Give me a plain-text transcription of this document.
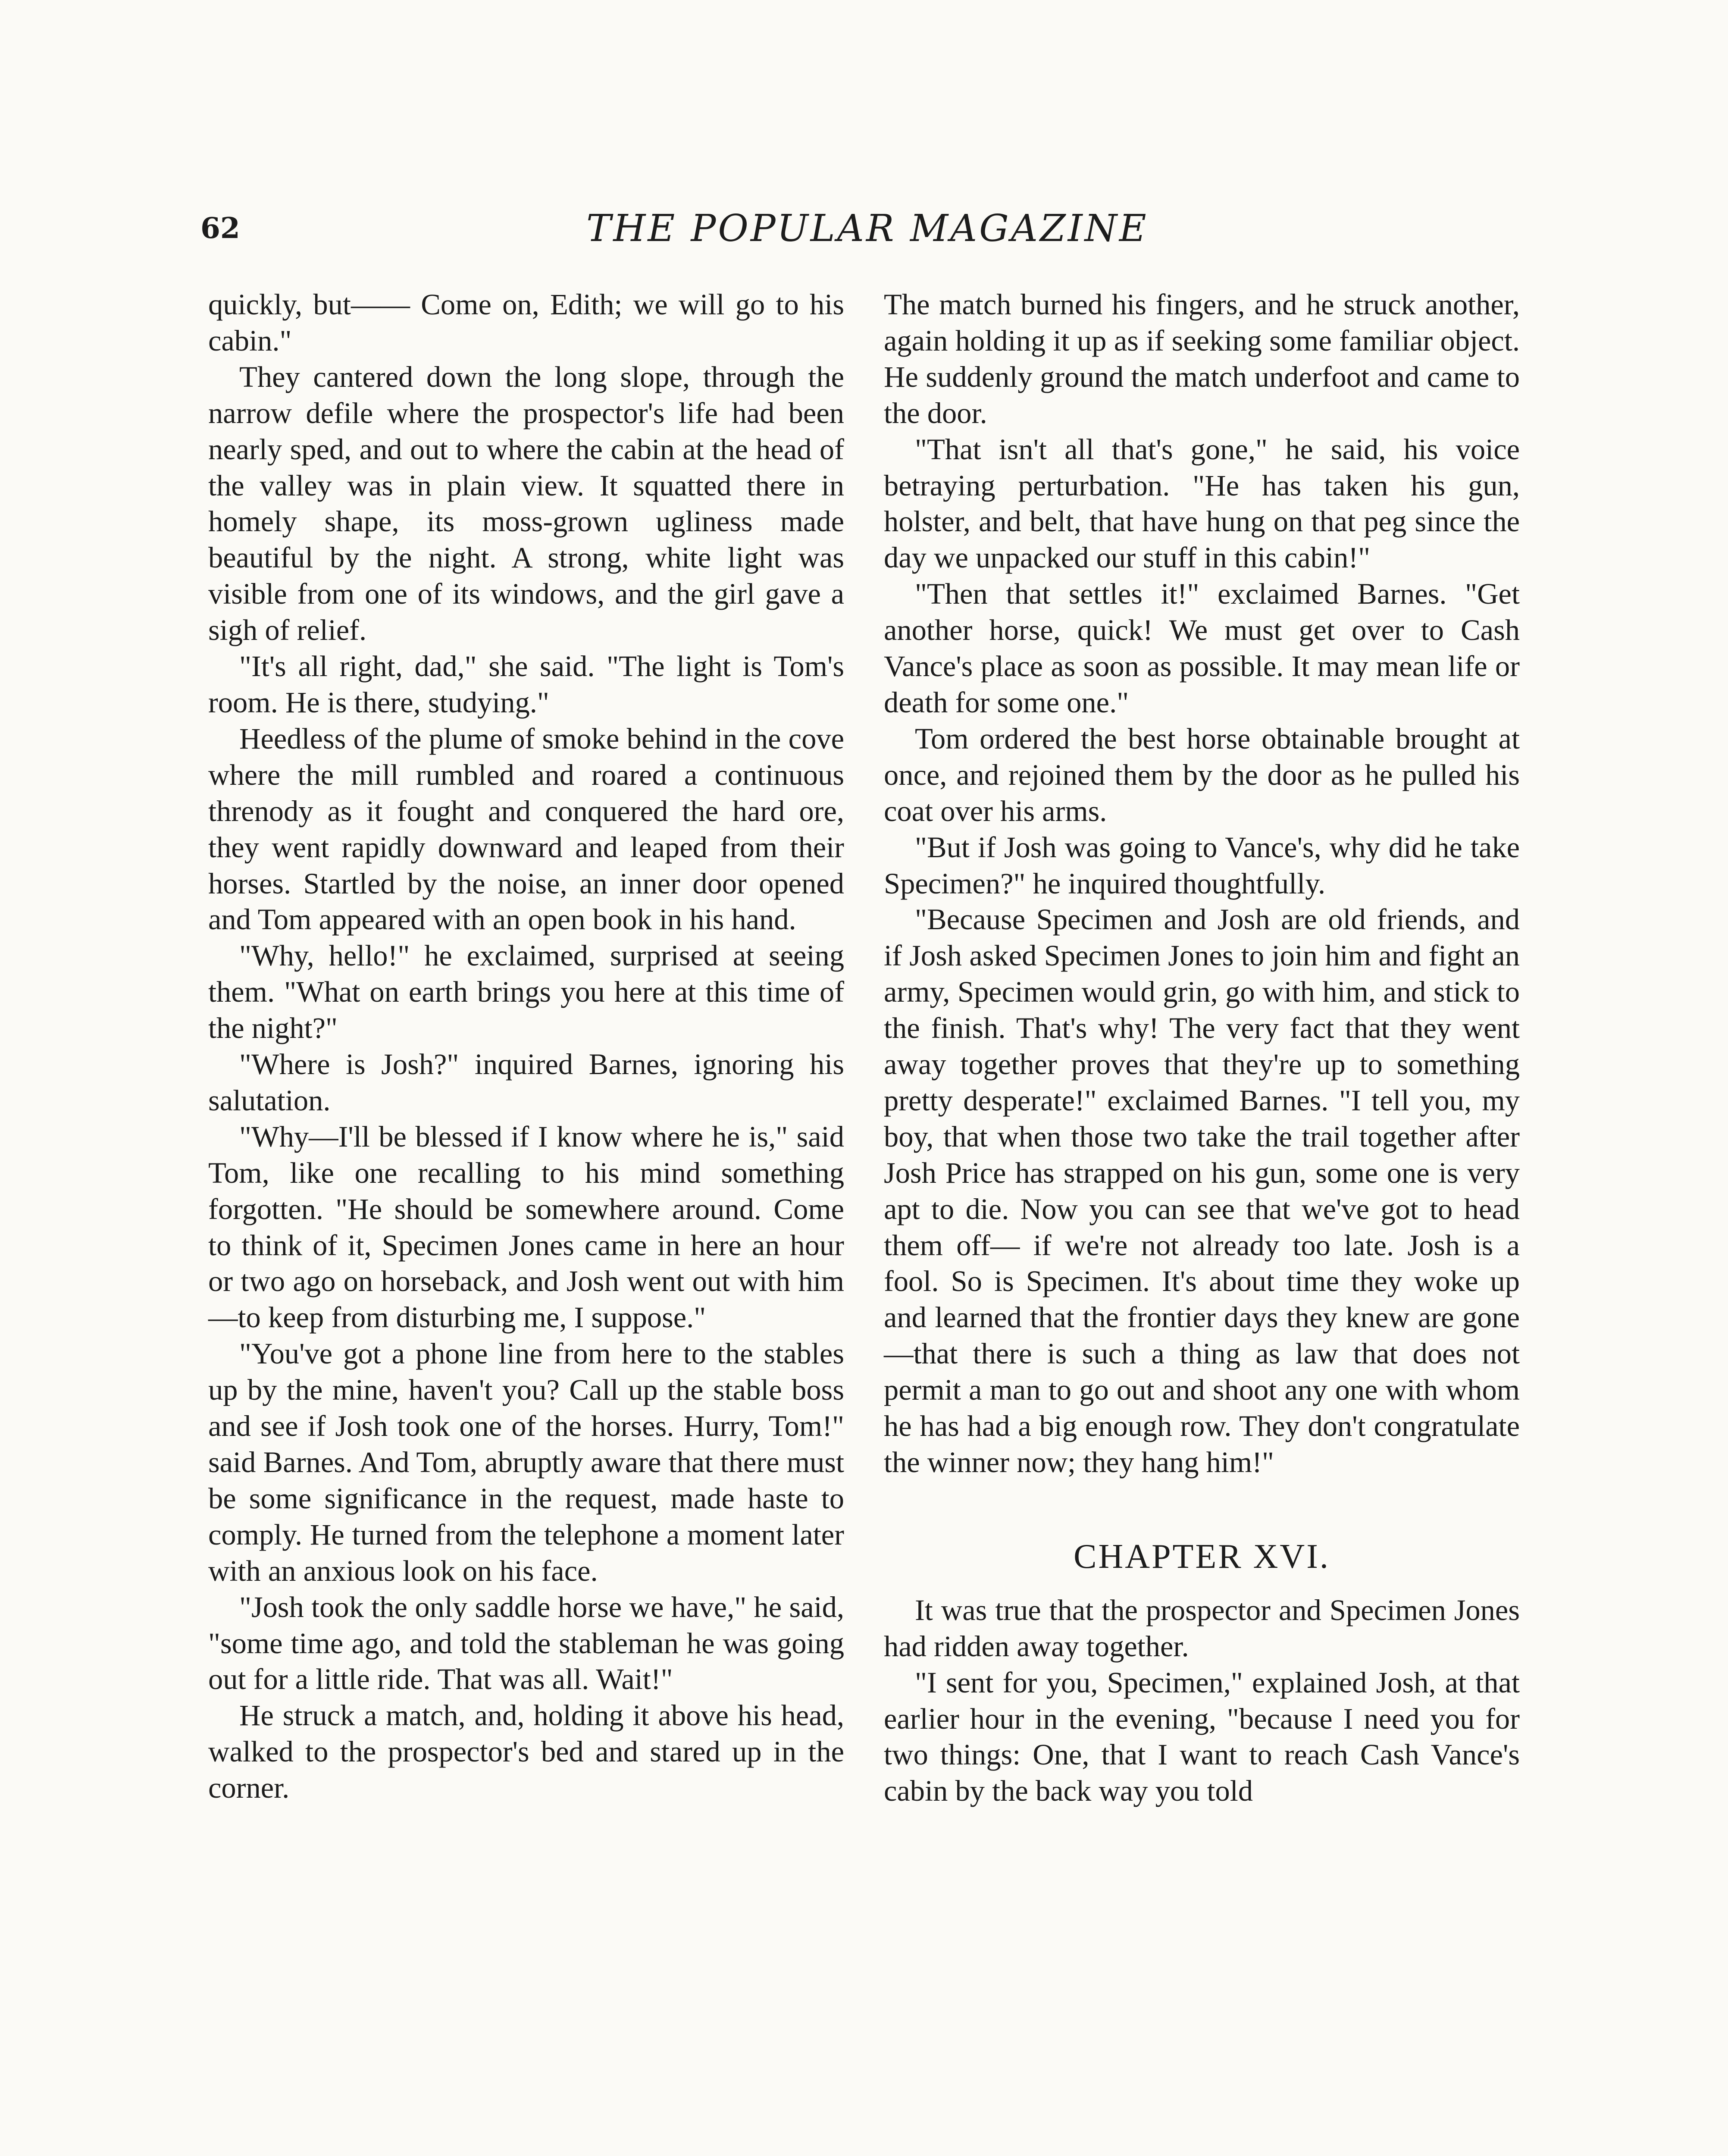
62	THE POPULAR MAGAZINE

quickly, but—— Come on, Edith; we will go to his cabin."

They cantered down the long slope, through the narrow defile where the prospector's life had been nearly sped, and out to where the cabin at the head of the valley was in plain view. It squatted there in homely shape, its moss-grown ugliness made beautiful by the night. A strong, white light was visible from one of its windows, and the girl gave a sigh of relief.

"It's all right, dad," she said. "The light is Tom's room. He is there, studying."

Heedless of the plume of smoke behind in the cove where the mill rumbled and roared a continuous threnody as it fought and conquered the hard ore, they went rapidly downward and leaped from their horses. Startled by the noise, an inner door opened and Tom appeared with an open book in his hand.

"Why, hello!" he exclaimed, surprised at seeing them. "What on earth brings you here at this time of the night?"

"Where is Josh?" inquired Barnes, ignoring his salutation.

"Why—I'll be blessed if I know where he is," said Tom, like one recalling to his mind something forgotten. "He should be somewhere around. Come to think of it, Specimen Jones came in here an hour or two ago on horseback, and Josh went out with him —to keep from disturbing me, I suppose."

"You've got a phone line from here to the stables up by the mine, haven't you? Call up the stable boss and see if Josh took one of the horses. Hurry, Tom!" said Barnes. And Tom, abruptly aware that there must be some significance in the request, made haste to comply. He turned from the telephone a moment later with an anxious look on his face.

"Josh took the only saddle horse we have," he said, "some time ago, and told the stableman he was going out for a little ride. That was all. Wait!"

He struck a match, and, holding it above his head, walked to the prospector's bed and stared up in the corner.

The match burned his fingers, and he struck another, again holding it up as if seeking some familiar object. He suddenly ground the match underfoot and came to the door.

"That isn't all that's gone," he said, his voice betraying perturbation. "He has taken his gun, holster, and belt, that have hung on that peg since the day we unpacked our stuff in this cabin!"

"Then that settles it!" exclaimed Barnes. "Get another horse, quick! We must get over to Cash Vance's place as soon as possible. It may mean life or death for some one."

Tom ordered the best horse obtainable brought at once, and rejoined them by the door as he pulled his coat over his arms.

"But if Josh was going to Vance's, why did he take Specimen?" he inquired thoughtfully.

"Because Specimen and Josh are old friends, and if Josh asked Specimen Jones to join him and fight an army, Specimen would grin, go with him, and stick to the finish. That's why! The very fact that they went away together proves that they're up to something pretty desperate!" exclaimed Barnes. "I tell you, my boy, that when those two take the trail together after Josh Price has strapped on his gun, some one is very apt to die. Now you can see that we've got to head them off— if we're not already too late. Josh is a fool. So is Specimen. It's about time they woke up and learned that the frontier days they knew are gone—that there is such a thing as law that does not permit a man to go out and shoot any one with whom he has had a big enough row. They don't congratulate the winner now; they hang him!"

CHAPTER XVI.

It was true that the prospector and Specimen Jones had ridden away together.

"I sent for you, Specimen," explained Josh, at that earlier hour in the evening, "because I need you for two things: One, that I want to reach Cash Vance's cabin by the back way you told
